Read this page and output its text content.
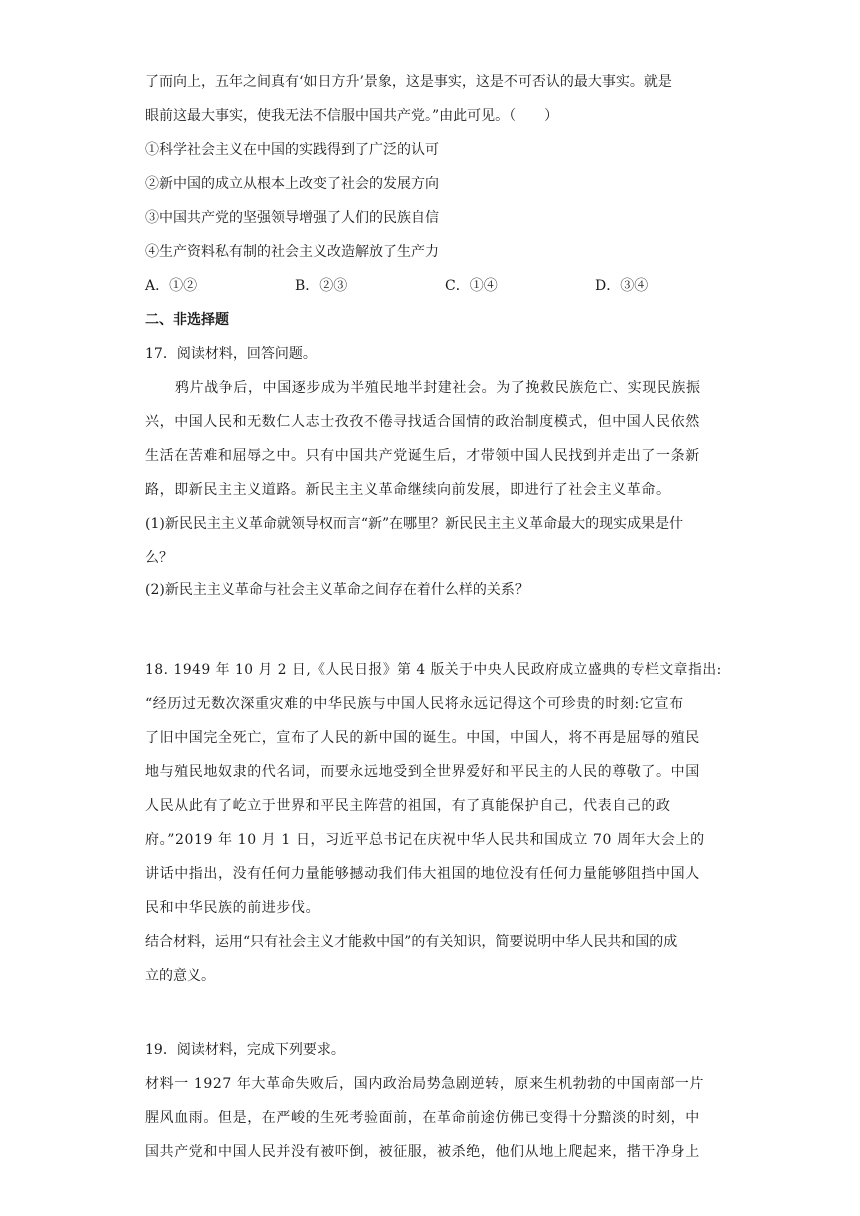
了而向上，五年之间真有‘如日方升’景象，这是事实，这是不可否认的最大事实。就是
眼前这最大事实，使我无法不信服中国共产党。”由此可见。（　　）
①科学社会主义在中国的实践得到了广泛的认可
②新中国的成立从根本上改变了社会的发展方向
③中国共产党的坚强领导增强了人们的民族自信
④生产资料私有制的社会主义改造解放了生产力
A．①②	B．②③	C．①④	D．③④
二、非选择题
17．阅读材料，回答问题。
鸦片战争后，中国逐步成为半殖民地半封建社会。为了挽救民族危亡、实现民族振
兴，中国人民和无数仁人志士孜孜不倦寻找适合国情的政治制度模式，但中国人民依然
生活在苦难和屈辱之中。只有中国共产党诞生后，才带领中国人民找到并走出了一条新
路，即新民主主义道路。新民主主义革命继续向前发展，即进行了社会主义革命。
(1)新民民主主义革命就领导权而言“新”在哪里？新民民主主义革命最大的现实成果是什
么？
(2)新民主主义革命与社会主义革命之间存在着什么样的关系？
18. 1949 年 10 月 2 日,《人民日报》第 4 版关于中央人民政府成立盛典的专栏文章指出:
“经历过无数次深重灾难的中华民族与中国人民将永远记得这个可珍贵的时刻:它宣布
了旧中国完全死亡，宣布了人民的新中国的诞生。中国，中国人，将不再是屈辱的殖民
地与殖民地奴隶的代名词，而要永远地受到全世界爱好和平民主的人民的尊敬了。中国
人民从此有了屹立于世界和平民主阵营的祖国，有了真能保护自己，代表自己的政
府。”2019 年 10 月 1 日，习近平总书记在庆祝中华人民共和国成立 70 周年大会上的
讲话中指出，没有任何力量能够撼动我们伟大祖国的地位没有任何力量能够阻挡中国人
民和中华民族的前进步伐。
结合材料，运用“只有社会主义才能救中国”的有关知识，简要说明中华人民共和国的成
立的意义。
19．阅读材料，完成下列要求。
材料一 1927 年大革命失败后，国内政治局势急剧逆转，原来生机勃勃的中国南部一片
腥风血雨。但是，在严峻的生死考验面前，在革命前途仿佛已变得十分黯淡的时刻，中
国共产党和中国人民并没有被吓倒，被征服，被杀绝，他们从地上爬起来，揩干净身上
